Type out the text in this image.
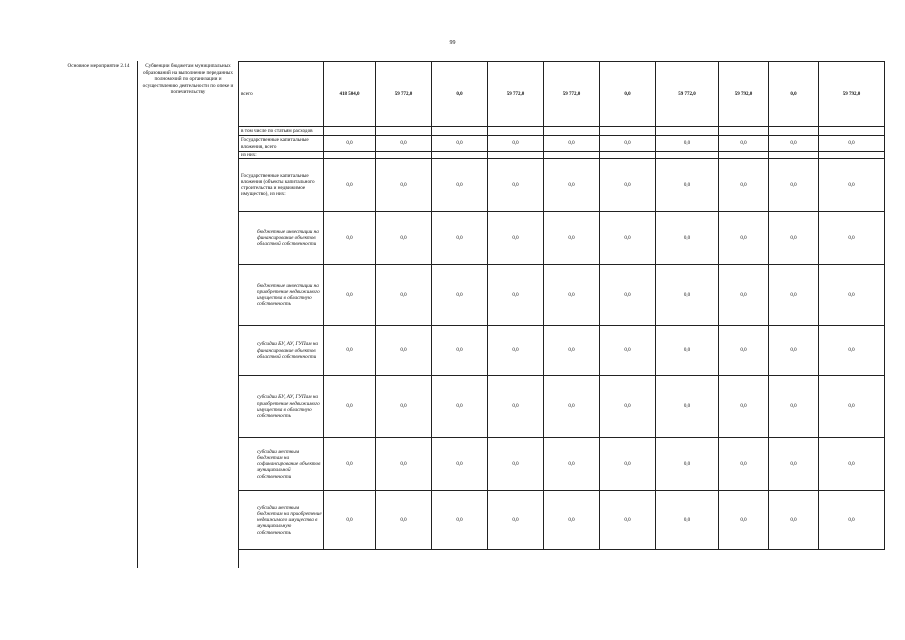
99
Основное мероприятие 2.14	Субвенции бюджетам муниципальных образований на выполнение переданных полномочий по организации и осуществлению деятельности по опеке и попечительству	всего	418 504,0	59 772,0	0,0	59 772,0	59 772,0	0,0	59 772,0	59 792,0	0,0	59 792,0
в том числе по статьям расходов										
Государственные капитальные вложения, всего	0,0	0,0	0,0	0,0	0,0	0,0	0,0	0,0	0,0	0,0
из них:										
Государственные капитальные вложения (объекты капитального строительства и недвижимое имущество), из них:	0,0	0,0	0,0	0,0	0,0	0,0	0,0	0,0	0,0	0,0
бюджетные инвестиции на финансирование объектов областной собственности	0,0	0,0	0,0	0,0	0,0	0,0	0,0	0,0	0,0	0,0
бюджетные инвестиции на приобретение недвижимого имущества в областную собственность	0,0	0,0	0,0	0,0	0,0	0,0	0,0	0,0	0,0	0,0
субсидии БУ, АУ, ГУПам на финансирование объектов областной собственности	0,0	0,0	0,0	0,0	0,0	0,0	0,0	0,0	0,0	0,0
субсидии БУ, АУ, ГУПам на приобретение недвижимого имущества в областную собственность	0,0	0,0	0,0	0,0	0,0	0,0	0,0	0,0	0,0	0,0
субсидии местным бюджетам на софинансирование объектов муниципальной собственности	0,0	0,0	0,0	0,0	0,0	0,0	0,0	0,0	0,0	0,0
субсидии местным бюджетам на приобретение недвижимого имущества в муниципальную собственность	0,0	0,0	0,0	0,0	0,0	0,0	0,0	0,0	0,0	0,0
